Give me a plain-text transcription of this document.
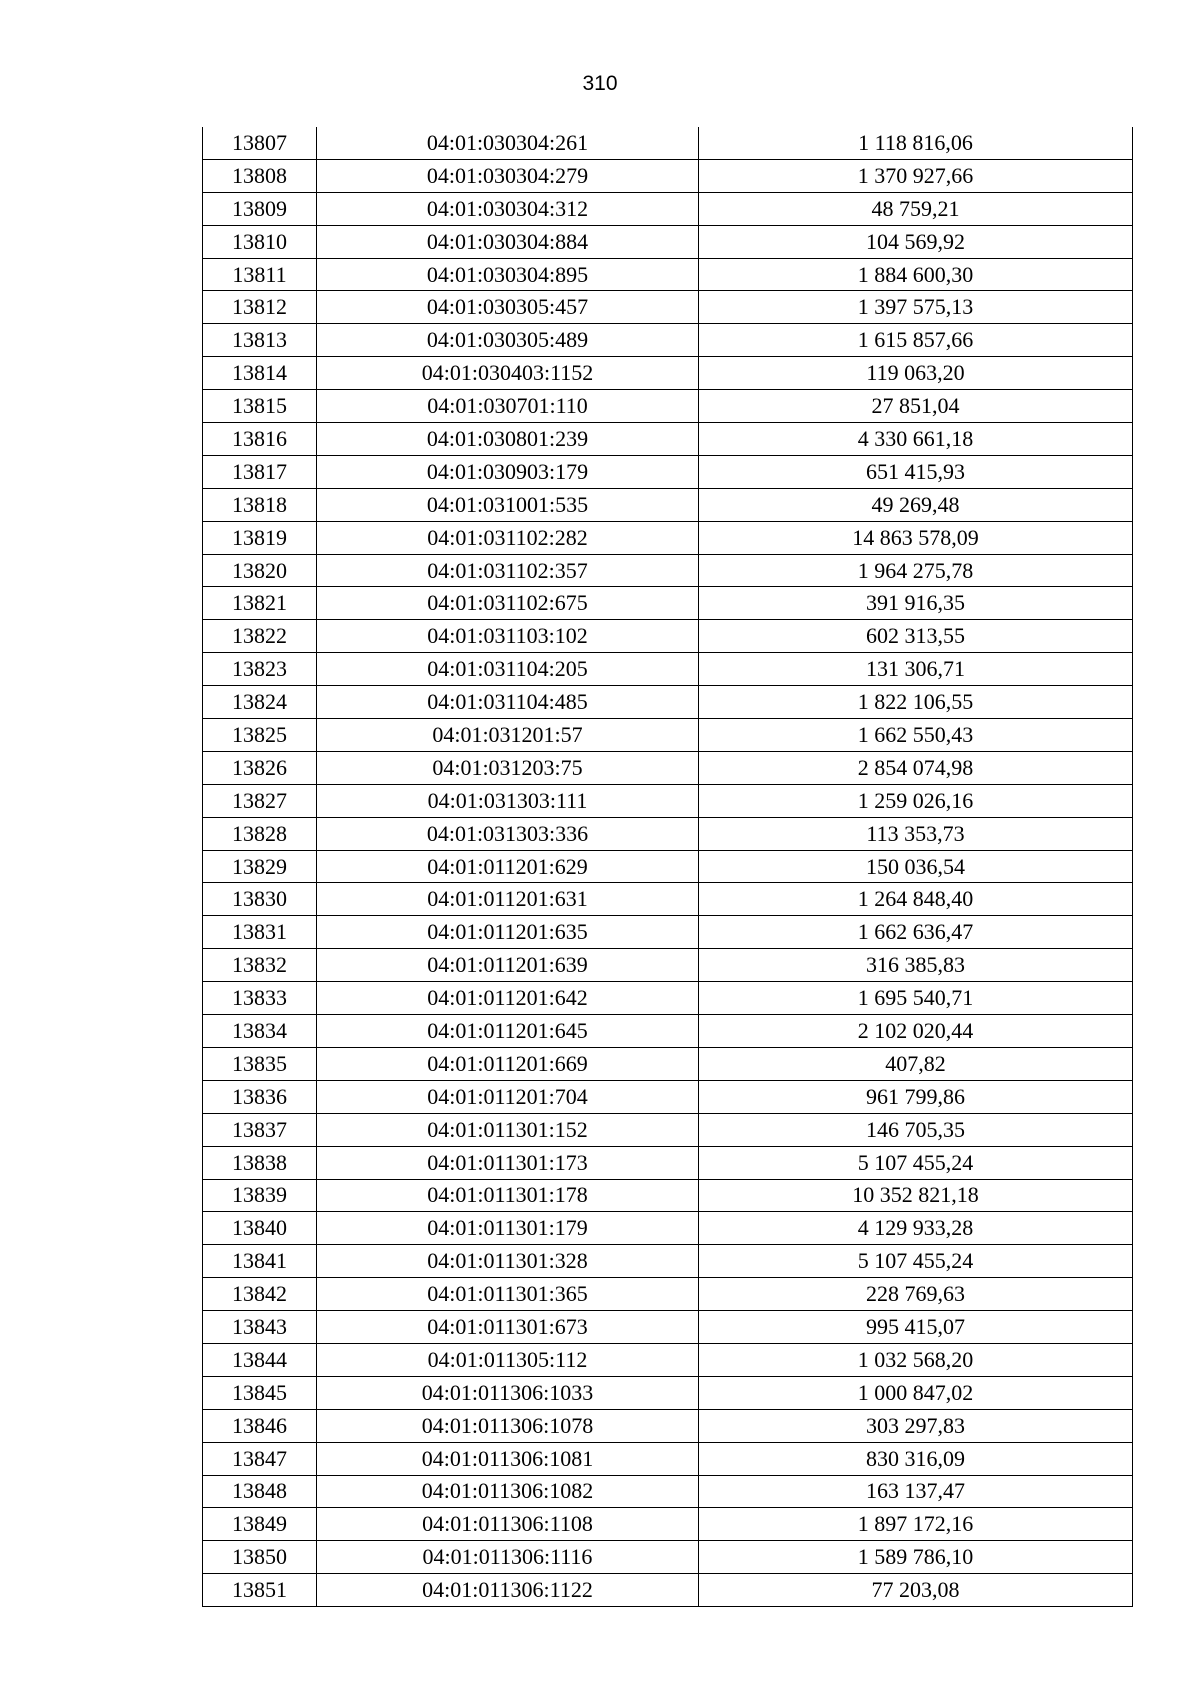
310
13807	04:01:030304:261	1 118 816,06
13808	04:01:030304:279	1 370 927,66
13809	04:01:030304:312	48 759,21
13810	04:01:030304:884	104 569,92
13811	04:01:030304:895	1 884 600,30
13812	04:01:030305:457	1 397 575,13
13813	04:01:030305:489	1 615 857,66
13814	04:01:030403:1152	119 063,20
13815	04:01:030701:110	27 851,04
13816	04:01:030801:239	4 330 661,18
13817	04:01:030903:179	651 415,93
13818	04:01:031001:535	49 269,48
13819	04:01:031102:282	14 863 578,09
13820	04:01:031102:357	1 964 275,78
13821	04:01:031102:675	391 916,35
13822	04:01:031103:102	602 313,55
13823	04:01:031104:205	131 306,71
13824	04:01:031104:485	1 822 106,55
13825	04:01:031201:57	1 662 550,43
13826	04:01:031203:75	2 854 074,98
13827	04:01:031303:111	1 259 026,16
13828	04:01:031303:336	113 353,73
13829	04:01:011201:629	150 036,54
13830	04:01:011201:631	1 264 848,40
13831	04:01:011201:635	1 662 636,47
13832	04:01:011201:639	316 385,83
13833	04:01:011201:642	1 695 540,71
13834	04:01:011201:645	2 102 020,44
13835	04:01:011201:669	407,82
13836	04:01:011201:704	961 799,86
13837	04:01:011301:152	146 705,35
13838	04:01:011301:173	5 107 455,24
13839	04:01:011301:178	10 352 821,18
13840	04:01:011301:179	4 129 933,28
13841	04:01:011301:328	5 107 455,24
13842	04:01:011301:365	228 769,63
13843	04:01:011301:673	995 415,07
13844	04:01:011305:112	1 032 568,20
13845	04:01:011306:1033	1 000 847,02
13846	04:01:011306:1078	303 297,83
13847	04:01:011306:1081	830 316,09
13848	04:01:011306:1082	163 137,47
13849	04:01:011306:1108	1 897 172,16
13850	04:01:011306:1116	1 589 786,10
13851	04:01:011306:1122	77 203,08
